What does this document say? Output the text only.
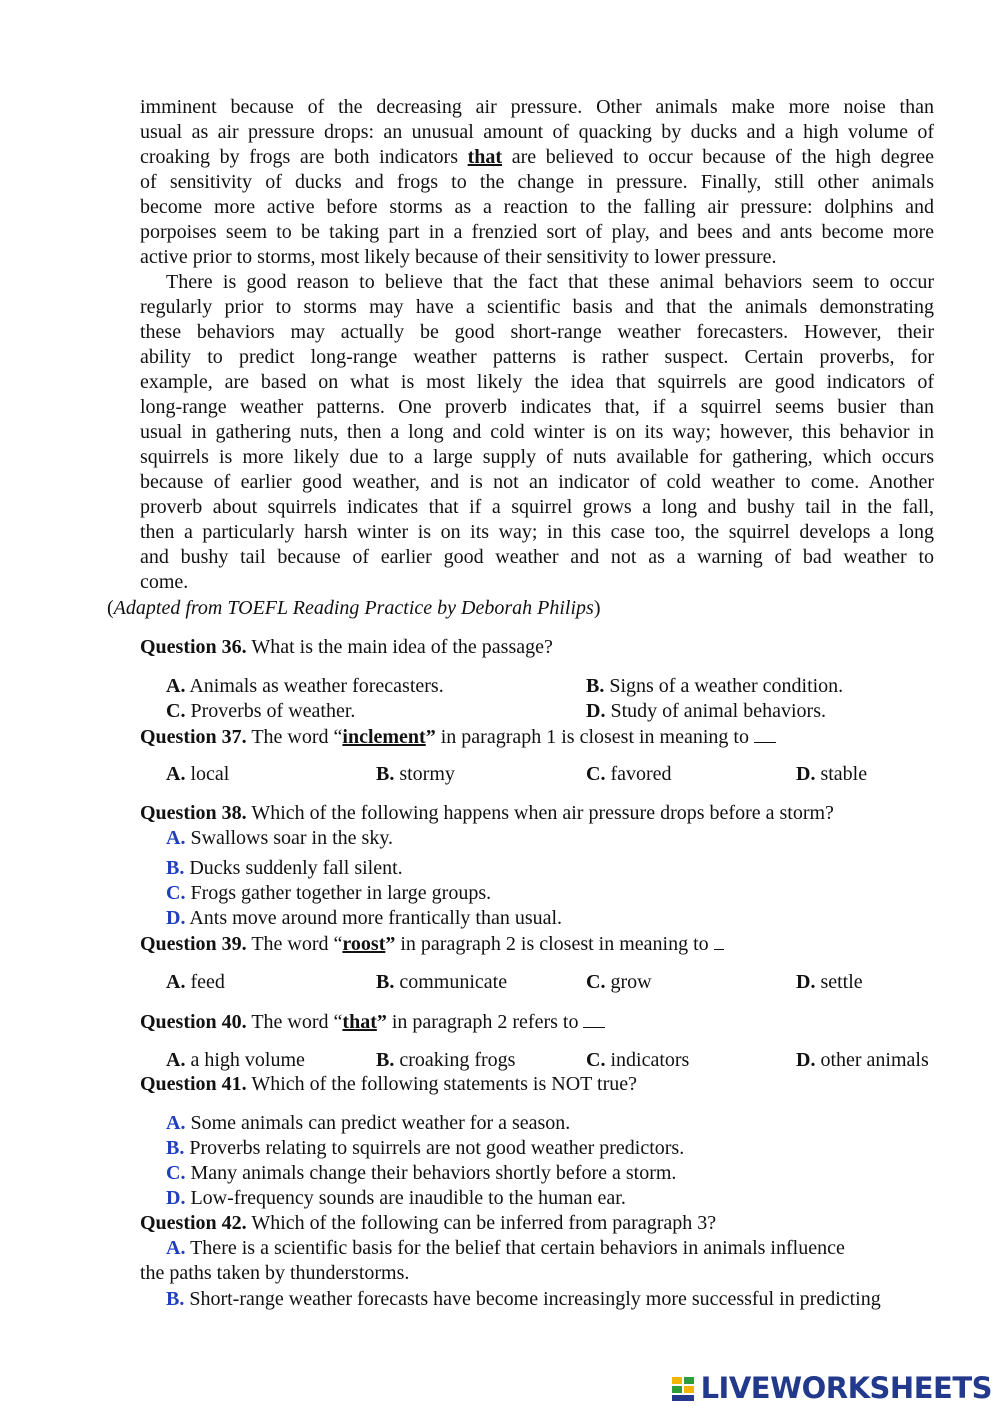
imminent because of the decreasing air pressure. Other animals make more noise than
usual as air pressure drops: an unusual amount of quacking by ducks and a high volume of
croaking by frogs are both indicators that are believed to occur because of the high degree
of sensitivity of ducks and frogs to the change in pressure. Finally, still other animals
become more active before storms as a reaction to the falling air pressure: dolphins and
porpoises seem to be taking part in a frenzied sort of play, and bees and ants become more
active prior to storms, most likely because of their sensitivity to lower pressure.
There is good reason to believe that the fact that these animal behaviors seem to occur
regularly prior to storms may have a scientific basis and that the animals demonstrating
these behaviors may actually be good short-range weather forecasters. However, their
ability to predict long-range weather patterns is rather suspect. Certain proverbs, for
example, are based on what is most likely the idea that squirrels are good indicators of
long-range weather patterns. One proverb indicates that, if a squirrel seems busier than
usual in gathering nuts, then a long and cold winter is on its way; however, this behavior in
squirrels is more likely due to a large supply of nuts available for gathering, which occurs
because of earlier good weather, and is not an indicator of cold weather to come. Another
proverb about squirrels indicates that if a squirrel grows a long and bushy tail in the fall,
then a particularly harsh winter is on its way; in this case too, the squirrel develops a long
and bushy tail because of earlier good weather and not as a warning of bad weather to
come.
(Adapted from TOEFL Reading Practice by Deborah Philips)
Question 36. What is the main idea of the passage?
A. Animals as weather forecasters.	B. Signs of a weather condition.
C. Proverbs of weather.	D. Study of animal behaviors.
Question 37. The word “inclement” in paragraph 1 is closest in meaning to
A. local	B. stormy	C. favored	D. stable
Question 38. Which of the following happens when air pressure drops before a storm?
A. Swallows soar in the sky.
B. Ducks suddenly fall silent.
C. Frogs gather together in large groups.
D. Ants move around more frantically than usual.
Question 39. The word “roost” in paragraph 2 is closest in meaning to
A. feed	B. communicate	C. grow	D. settle
Question 40. The word “that” in paragraph 2 refers to
A. a high volume	B. croaking frogs	C. indicators	D. other animals
Question 41. Which of the following statements is NOT true?
A. Some animals can predict weather for a season.
B. Proverbs relating to squirrels are not good weather predictors.
C. Many animals change their behaviors shortly before a storm.
D. Low-frequency sounds are inaudible to the human ear.
Question 42. Which of the following can be inferred from paragraph 3?
A. There is a scientific basis for the belief that certain behaviors in animals influence
the paths taken by thunderstorms.
B. Short-range weather forecasts have become increasingly more successful in predicting
LIVEWORKSHEETS
